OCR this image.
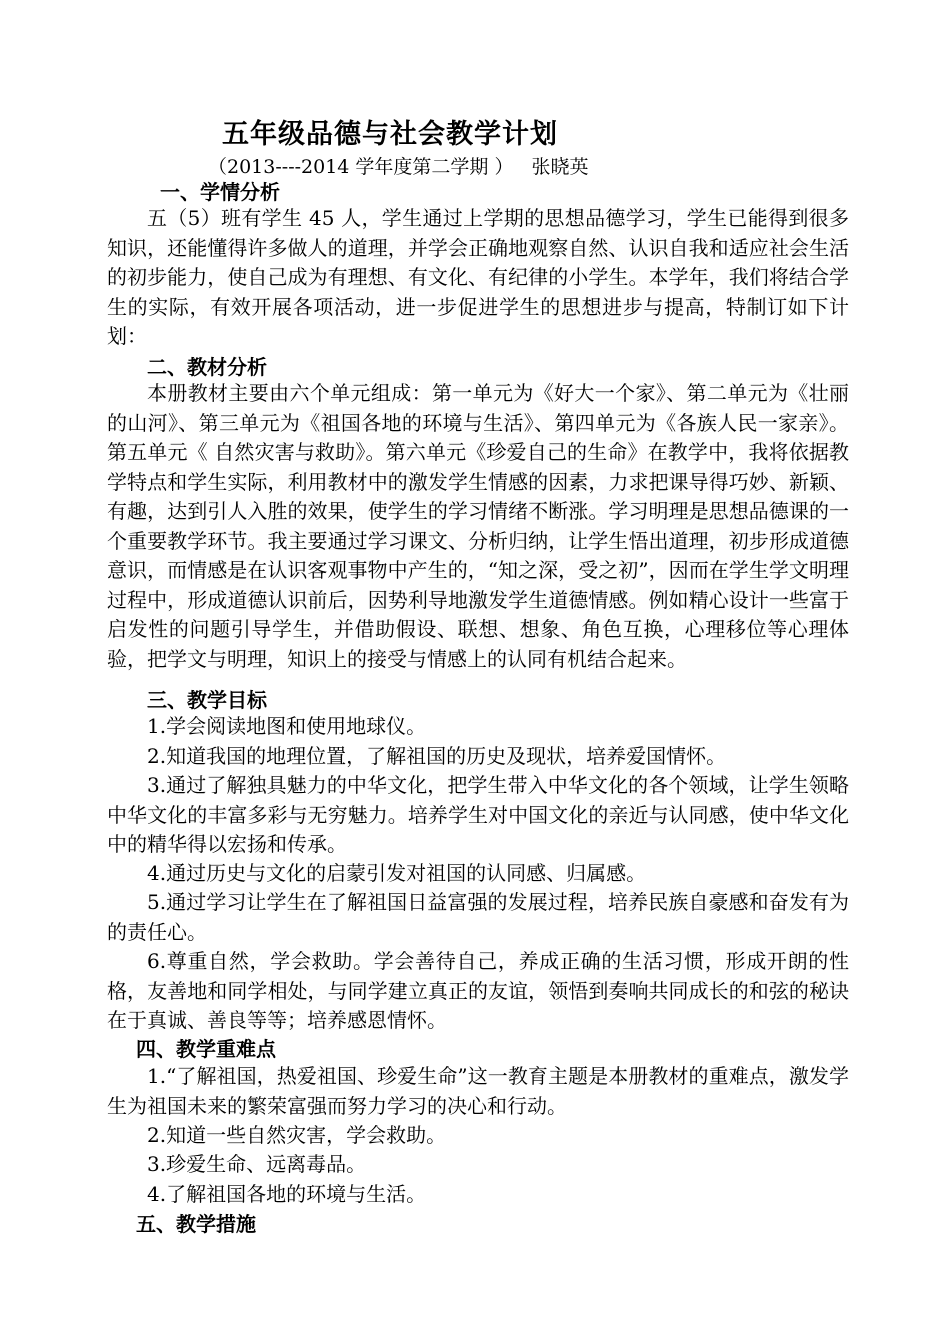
五年级品德与社会教学计划
（2013----2014 学年度第二学期 ） 张晓英
一、学情分析
五（5）班有学生 45 人，学生通过上学期的思想品德学习，学生已能得到很多知识，还能懂得许多做人的道理，并学会正确地观察自然、认识自我和适应社会生活的初步能力，使自己成为有理想、有文化、有纪律的小学生。本学年，我们将结合学生的实际，有效开展各项活动，进一步促进学生的思想进步与提高，特制订如下计划：
二、教材分析
本册教材主要由六个单元组成：第一单元为《好大一个家》、第二单元为《壮丽的山河》、第三单元为《祖国各地的环境与生活》、第四单元为《各族人民一家亲》。第五单元《 自然灾害与救助》。第六单元《珍爱自己的生命》在教学中，我将依据教学特点和学生实际，利用教材中的激发学生情感的因素，力求把课导得巧妙、新颖、有趣，达到引人入胜的效果，使学生的学习情绪不断涨。学习明理是思想品德课的一个重要教学环节。我主要通过学习课文、分析归纳，让学生悟出道理，初步形成道德意识，而情感是在认识客观事物中产生的，“知之深，受之初”，因而在学生学文明理过程中，形成道德认识前后，因势利导地激发学生道德情感。例如精心设计一些富于启发性的问题引导学生，并借助假设、联想、想象、角色互换，心理移位等心理体验，把学文与明理，知识上的接受与情感上的认同有机结合起来。
三、教学目标
1.学会阅读地图和使用地球仪。
2.知道我国的地理位置，了解祖国的历史及现状，培养爱国情怀。
3.通过了解独具魅力的中华文化，把学生带入中华文化的各个领域，让学生领略中华文化的丰富多彩与无穷魅力。培养学生对中国文化的亲近与认同感，使中华文化中的精华得以宏扬和传承。
4.通过历史与文化的启蒙引发对祖国的认同感、归属感。
5.通过学习让学生在了解祖国日益富强的发展过程，培养民族自豪感和奋发有为的责任心。
6.尊重自然，学会救助。学会善待自己，养成正确的生活习惯，形成开朗的性格，友善地和同学相处，与同学建立真正的友谊，领悟到奏响共同成长的和弦的秘诀在于真诚、善良等等；培养感恩情怀。
四、教学重难点
1.“了解祖国，热爱祖国、珍爱生命”这一教育主题是本册教材的重难点，激发学生为祖国未来的繁荣富强而努力学习的决心和行动。
2.知道一些自然灾害，学会救助。
3.珍爱生命、远离毒品。
4.了解祖国各地的环境与生活。
五、教学措施
